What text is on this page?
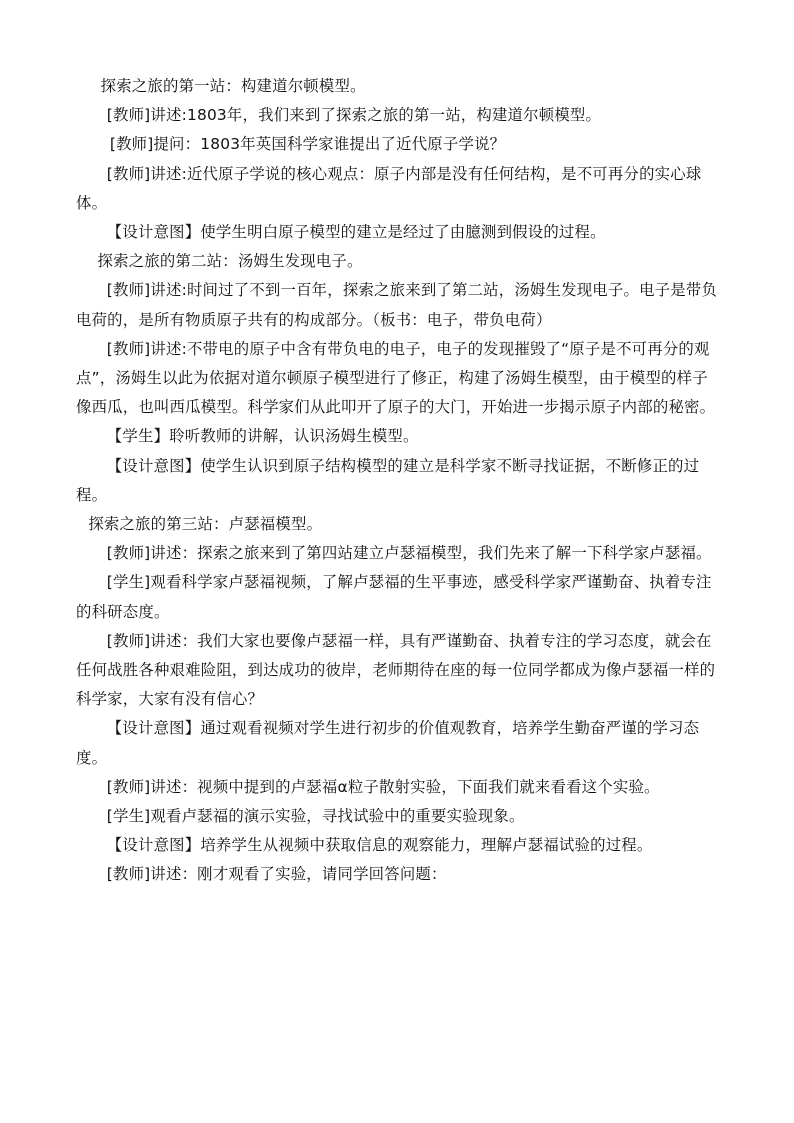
探索之旅的第一站：构建道尔顿模型。

[教师]讲述:1803年，我们来到了探索之旅的第一站，构建道尔顿模型。

[教师]提问：1803年英国科学家谁提出了近代原子学说？

[教师]讲述:近代原子学说的核心观点：原子内部是没有任何结构，是不可再分的实心球体。

【设计意图】使学生明白原子模型的建立是经过了由臆测到假设的过程。

探索之旅的第二站：汤姆生发现电子。

[教师]讲述:时间过了不到一百年，探索之旅来到了第二站，汤姆生发现电子。电子是带负电荷的，是所有物质原子共有的构成部分。（板书：电子，带负电荷）

[教师]讲述:不带电的原子中含有带负电的电子，电子的发现摧毁了“原子是不可再分的观点”，汤姆生以此为依据对道尔顿原子模型进行了修正，构建了汤姆生模型，由于模型的样子像西瓜，也叫西瓜模型。科学家们从此叩开了原子的大门，开始进一步揭示原子内部的秘密。

【学生】聆听教师的讲解，认识汤姆生模型。

【设计意图】使学生认识到原子结构模型的建立是科学家不断寻找证据，不断修正的过程。

探索之旅的第三站：卢瑟福模型。

[教师]讲述：探索之旅来到了第四站建立卢瑟福模型，我们先来了解一下科学家卢瑟福。

[学生]观看科学家卢瑟福视频，了解卢瑟福的生平事迹，感受科学家严谨勤奋、执着专注的科研态度。

[教师]讲述：我们大家也要像卢瑟福一样，具有严谨勤奋、执着专注的学习态度，就会在任何战胜各种艰难险阻，到达成功的彼岸，老师期待在座的每一位同学都成为像卢瑟福一样的科学家，大家有没有信心？

【设计意图】通过观看视频对学生进行初步的价值观教育，培养学生勤奋严谨的学习态度。

[教师]讲述：视频中提到的卢瑟福α粒子散射实验，下面我们就来看看这个实验。

[学生]观看卢瑟福的演示实验，寻找试验中的重要实验现象。

【设计意图】培养学生从视频中获取信息的观察能力，理解卢瑟福试验的过程。

[教师]讲述：刚才观看了实验，请同学回答问题：
